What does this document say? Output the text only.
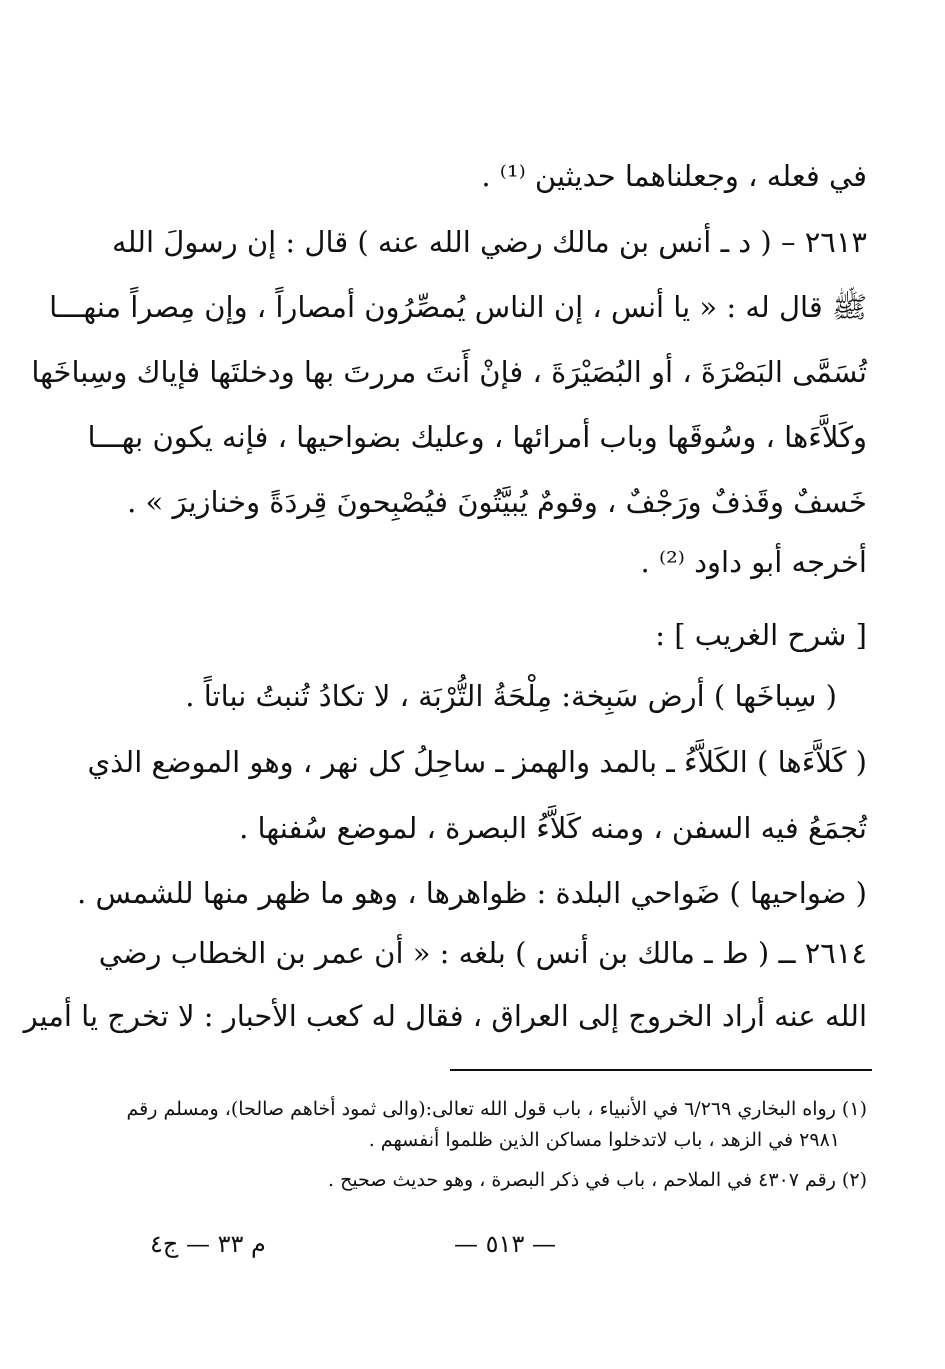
في فعله ، وجعلناهما حديثين ⁽¹⁾ .
٢٦١٣ – ( د ـ أنس بن مالك رضي الله عنه ) قال : إن رسولَ الله
ﷺ قال له : « يا أنس ، إن الناس يُمصِّرُون أمصاراً ، وإن مِصراً منهـــا
تُسَمَّى البَصْرَةَ ، أو البُصَيْرَةَ ، فإنْ أَنتَ مررتَ بها ودخلتَها فإياك وسِباخَها
وكَلاَّءَها ، وسُوقَها وباب أمرائها ، وعليك بضواحيها ، فإنه يكون بهـــا
خَسفٌ وقَذفٌ ورَجْفٌ ، وقومٌ يُبيَّتُونَ فيُصْبِحونَ قِردَةً وخنازيرَ » .
أخرجه أبو داود ⁽²⁾ .
[ شرح الغريب ] :
( سِباخَها ) أرض سَبِخة: مِلْحَةُ التُّرْبَة ، لا تكادُ تُنبتُ نباتاً .
( كَلاَّءَها ) الكَلاَّءُ ـ بالمد والهمز ـ ساحِلُ كل نهر ، وهو الموضع الذي
تُجمَعُ فيه السفن ، ومنه كَلاَّءُ البصرة ، لموضع سُفنها .
( ضواحيها ) ضَواحي البلدة : ظواهرها ، وهو ما ظهر منها للشمس .
٢٦١٤ ــ ( ط ـ مالك بن أنس ) بلغه : « أن عمر بن الخطاب رضي
الله عنه أراد الخروج إلى العراق ، فقال له كعب الأحبار : لا تخرج يا أمير
(١) رواه البخاري ٦/٢٦٩ في الأنبياء ، باب قول الله تعالى:(والى ثمود أخاهم صالحا)، ومسلم رقم
٢٩٨١ في الزهد ، باب لاتدخلوا مساكن الذين ظلموا أنفسهم .
(٢) رقم ٤٣٠٧ في الملاحم ، باب في ذكر البصرة ، وهو حديث صحيح .
— ٥١٣ —
م ٣٣ — ج٤
